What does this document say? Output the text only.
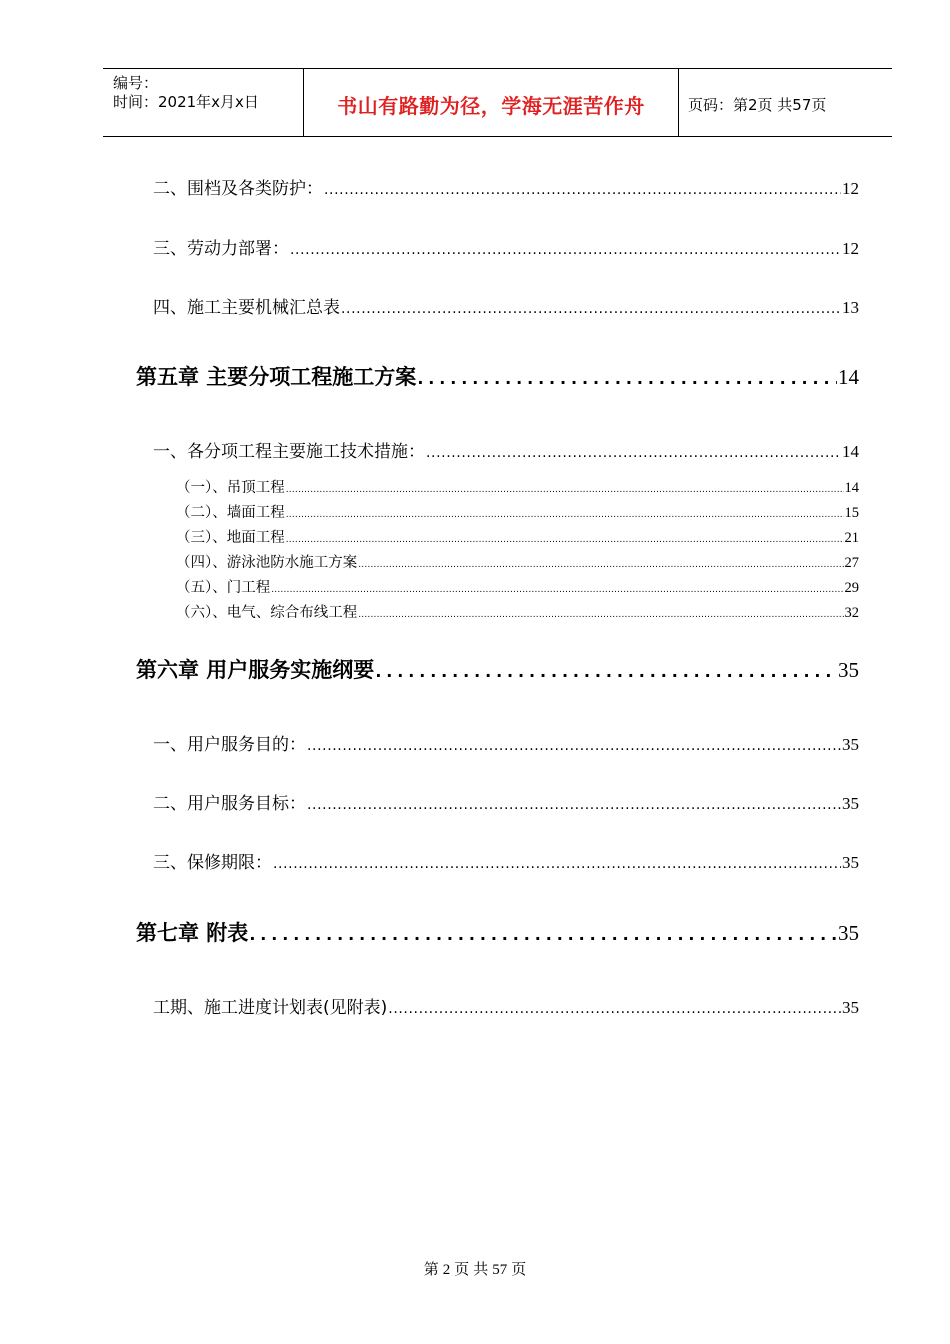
编号：
时间：2021年x月x日	书山有路勤为径，学海无涯苦作舟	页码：第2页 共57页
二、围档及各类防护： .....	12
三、劳动力部署： .....	12
四、施工主要机械汇总表 .....	13
第五章 主要分项工程施工方案 .....	14
一、各分项工程主要施工技术措施： .....	14
（一）、吊顶工程 .....	14
（二）、墙面工程 .....	15
（三）、地面工程 .....	21
（四）、游泳池防水施工方案 .....	27
（五）、门工程 .....	29
（六）、电气、综合布线工程 .....	32
第六章 用户服务实施纲要 .....	35
一、用户服务目的： .....	35
二、用户服务目标： .....	35
三、保修期限： .....	35
第七章 附表 .....	35
工期、施工进度计划表(见附表) .....	35
第 2 页 共 57 页
